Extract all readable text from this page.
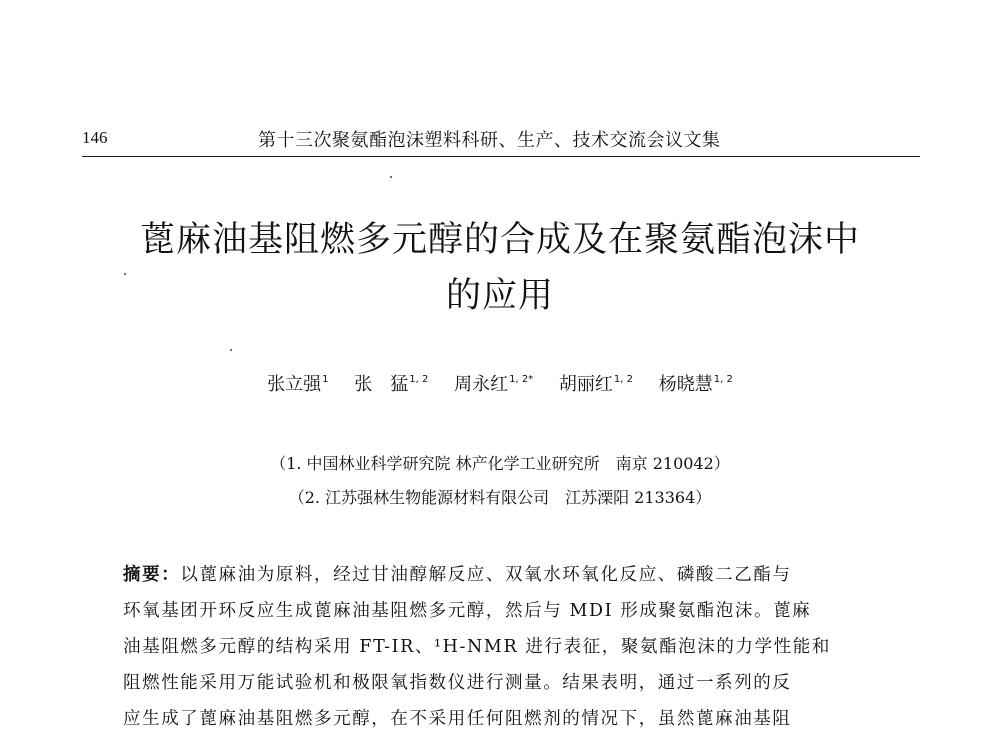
146	第十三次聚氨酯泡沫塑料科研、生产、技术交流会议文集
蓖麻油基阻燃多元醇的合成及在聚氨酯泡沫中
的应用
张立强$^1$ 张　猛$^{1, 2}$ 周永红$^{1, 2*}$ 胡丽红$^{1, 2}$ 杨晓慧$^{1, 2}$
（1. 中国林业科学研究院 林产化学工业研究所　南京 210042）
（2. 江苏强林生物能源材料有限公司　江苏溧阳 213364）
摘要：以蓖麻油为原料，经过甘油醇解反应、双氧水环氧化反应、磷酸二乙酯与
环氧基团开环反应生成蓖麻油基阻燃多元醇，然后与 MDI 形成聚氨酯泡沫。蓖麻
油基阻燃多元醇的结构采用 FT-IR、¹H-NMR 进行表征，聚氨酯泡沫的力学性能和
阻燃性能采用万能试验机和极限氧指数仪进行测量。结果表明，通过一系列的反
应生成了蓖麻油基阻燃多元醇，在不采用任何阻燃剂的情况下，虽然蓖麻油基阻
